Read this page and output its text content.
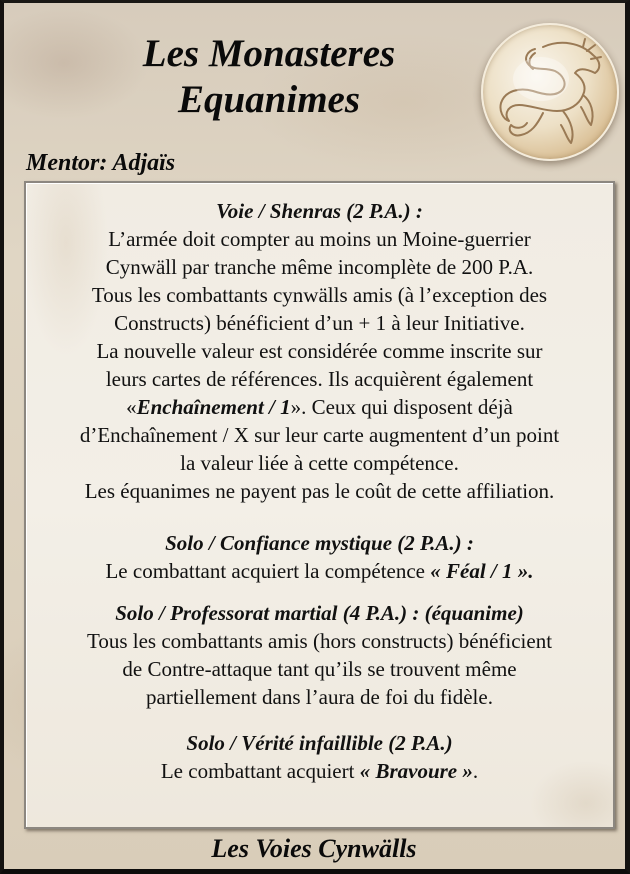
Les Monasteres
Equanimes
Mentor: Adjaïs
Voie / Shenras (2 P.A.) :
L’armée doit compter au moins un Moine-guerrier
Cynwäll par tranche même incomplète de 200 P.A.
Tous les combattants cynwälls amis (à l’exception des
Constructs) bénéficient d’un + 1 à leur Initiative.
La nouvelle valeur est considérée comme inscrite sur
leurs cartes de références. Ils acquièrent également
«Enchaînement / 1». Ceux qui disposent déjà
d’Enchaînement / X sur leur carte augmentent d’un point
la valeur liée à cette compétence.
Les équanimes ne payent pas le coût de cette affiliation.
Solo / Confiance mystique (2 P.A.) :
Le combattant acquiert la compétence « Féal / 1 ».
Solo / Professorat martial (4 P.A.) : (équanime)
Tous les combattants amis (hors constructs) bénéficient
de Contre-attaque tant qu’ils se trouvent même
partiellement dans l’aura de foi du fidèle.
Solo / Vérité infaillible (2 P.A.)
Le combattant acquiert « Bravoure ».
Les Voies Cynwälls
